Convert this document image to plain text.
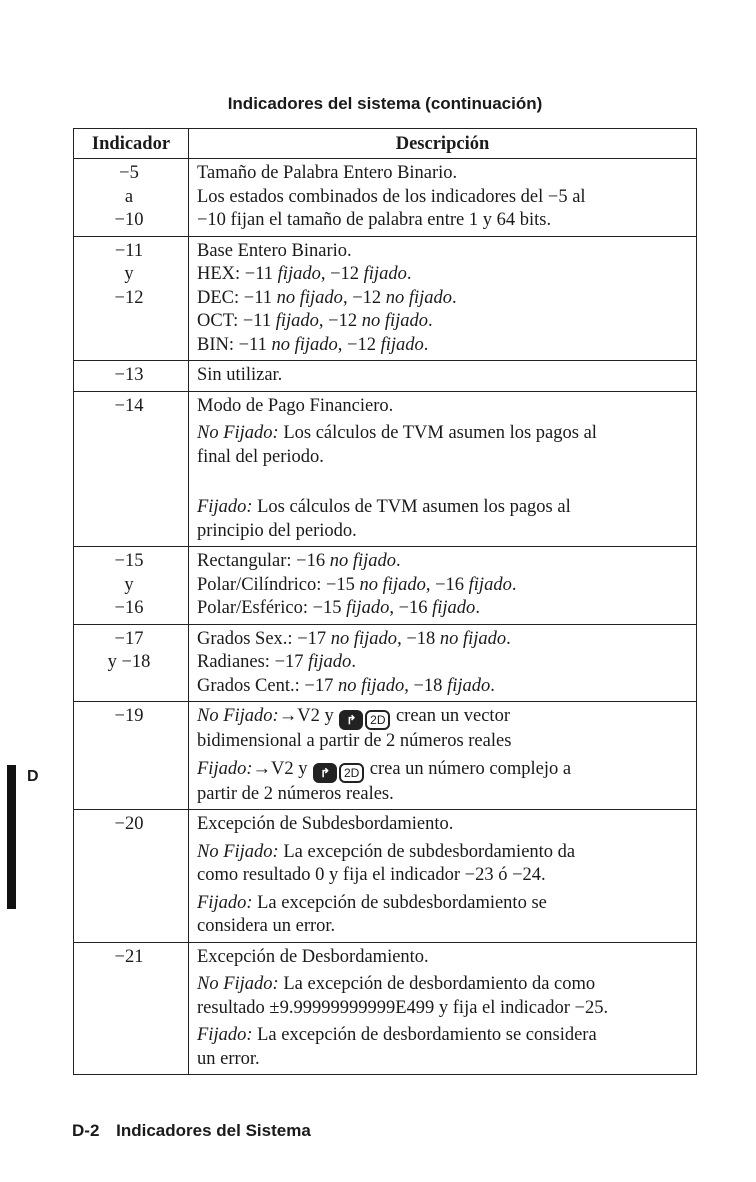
Indicadores del sistema (continuación)
Indicador	Descripción

−5
a
−10	Tamaño de Palabra Entero Binario.
Los estados combinados de los indicadores del −5 al
−10 fijan el tamaño de palabra entre 1 y 64 bits.

−11
y
−12	Base Entero Binario.
HEX: −11 fijado, −12 fijado.
DEC: −11 no fijado, −12 no fijado.
OCT: −11 fijado, −12 no fijado.
BIN: −11 no fijado, −12 fijado.

−13	Sin utilizar.

−14	Modo de Pago Financiero.
No Fijado: Los cálculos de TVM asumen los pagos al
final del periodo.
Fijado: Los cálculos de TVM asumen los pagos al
principio del periodo.

−15
y
−16	Rectangular: −16 no fijado.
Polar/Cilíndrico: −15 no fijado, −16 fijado.
Polar/Esférico: −15 fijado, −16 fijado.

−17
y −18	Grados Sex.: −17 no fijado, −18 no fijado.
Radianes: −17 fijado.
Grados Cent.: −17 no fijado, −18 fijado.

−19	No Fijado:→V2 y ↱ 2D crean un vector
bidimensional a partir de 2 números reales
Fijado:→V2 y ↱ 2D crea un número complejo a
partir de 2 números reales.

−20	Excepción de Subdesbordamiento.
No Fijado: La excepción de subdesbordamiento da
como resultado 0 y fija el indicador −23 ó −24.
Fijado: La excepción de subdesbordamiento se
considera un error.

−21	Excepción de Desbordamiento.
No Fijado: La excepción de desbordamiento da como
resultado ±9.99999999999E499 y fija el indicador −25.
Fijado: La excepción de desbordamiento se considera
un error.
D
D-2 Indicadores del Sistema
